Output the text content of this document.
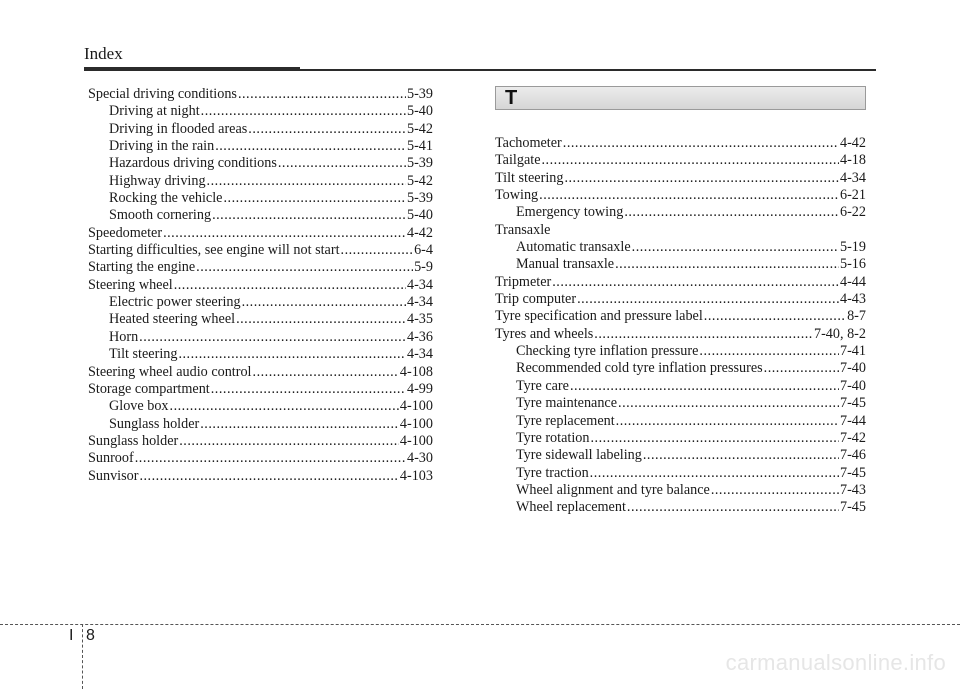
Index
Special driving conditions .....	5-39
Driving at night .....	5-40
Driving in flooded areas .....	5-42
Driving in the rain .....	5-41
Hazardous driving conditions .....	5-39
Highway driving .....	5-42
Rocking the vehicle .....	5-39
Smooth cornering .....	5-40
Speedometer .....	4-42
Starting difficulties, see engine will not start .....	6-4
Starting the engine .....	5-9
Steering wheel .....	4-34
Electric power steering .....	4-34
Heated steering wheel .....	4-35
Horn .....	4-36
Tilt steering .....	4-34
Steering wheel audio control .....	4-108
Storage compartment .....	4-99
Glove box .....	4-100
Sunglass holder .....	4-100
Sunglass holder .....	4-100
Sunroof .....	4-30
Sunvisor .....	4-103
T
Tachometer .....	4-42
Tailgate .....	4-18
Tilt steering .....	4-34
Towing .....	6-21
Emergency towing .....	6-22
Transaxle
Automatic transaxle .....	5-19
Manual transaxle .....	5-16
Tripmeter .....	4-44
Trip computer .....	4-43
Tyre specification and pressure label .....	8-7
Tyres and wheels .....	7-40, 8-2
Checking tyre inflation pressure .....	7-41
Recommended cold tyre inflation pressures .....	7-40
Tyre care .....	7-40
Tyre maintenance .....	7-45
Tyre replacement .....	7-44
Tyre rotation .....	7-42
Tyre sidewall labeling .....	7-46
Tyre traction .....	7-45
Wheel alignment and tyre balance .....	7-43
Wheel replacement .....	7-45
I 8
carmanualsonline.info
